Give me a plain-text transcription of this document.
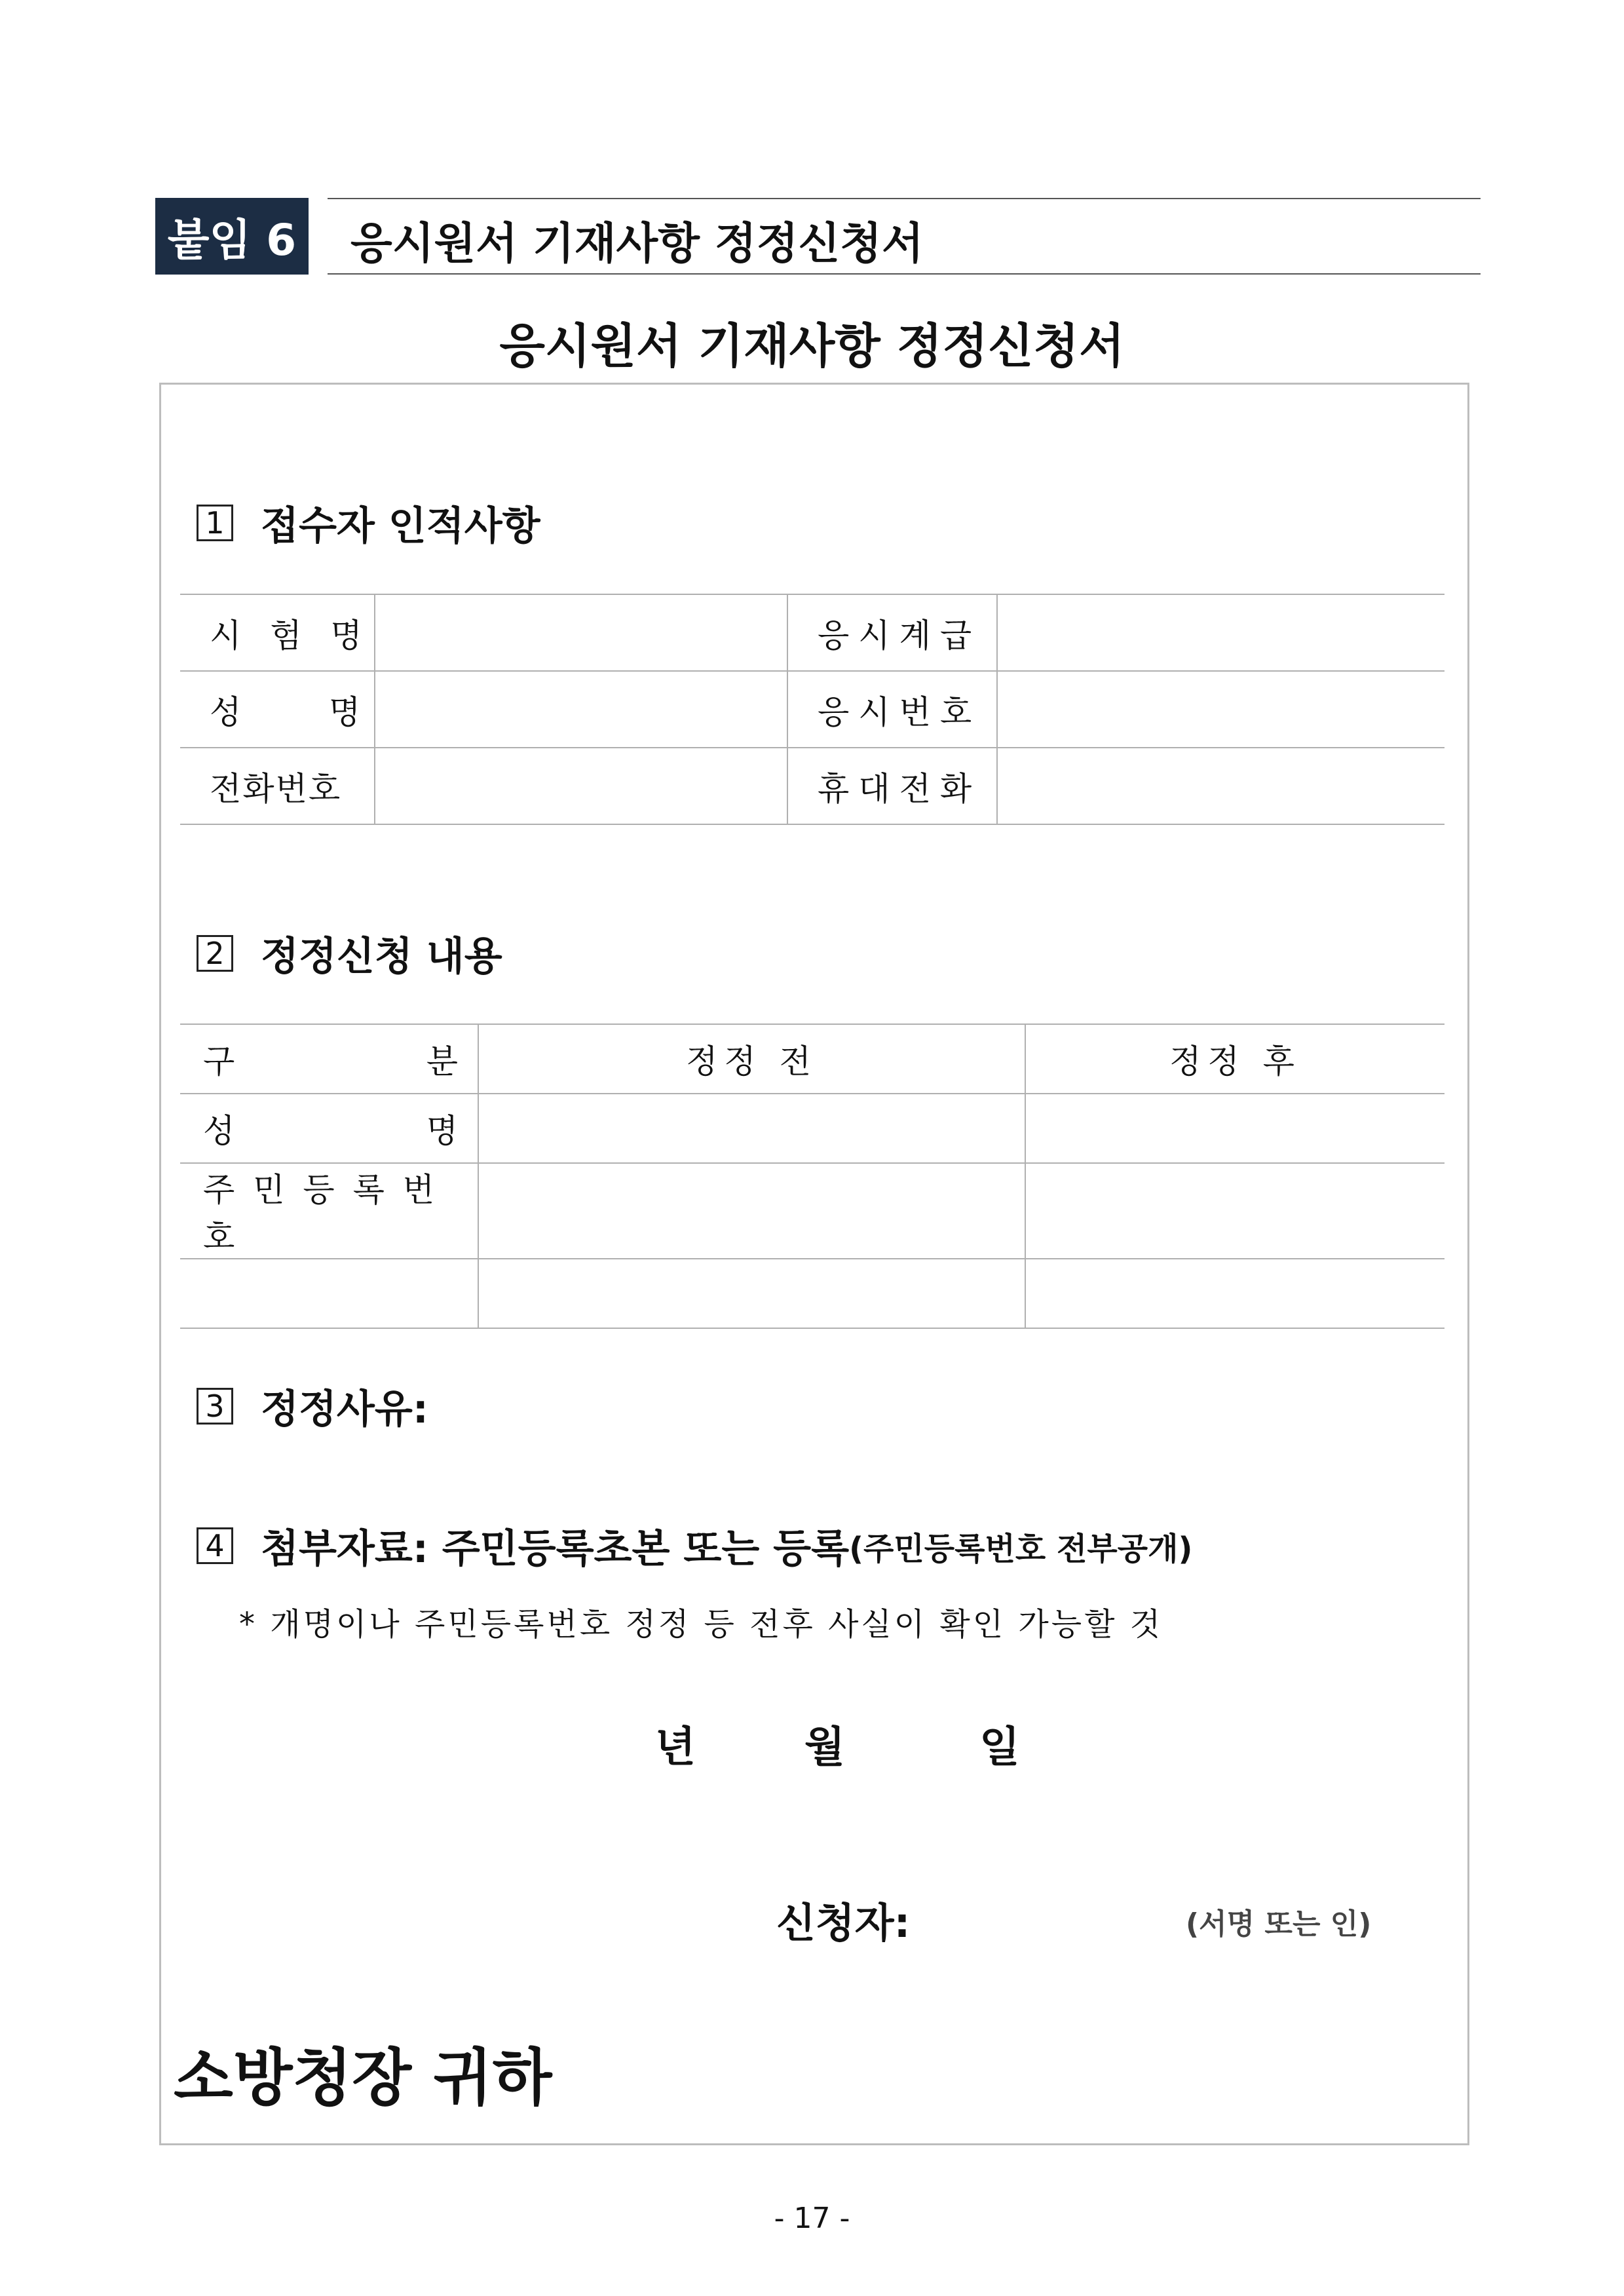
붙임 6 응시원서 기재사항 정정신청서
응시원서 기재사항 정정신청서
1 접수자 인적사항
시 험 명		응시계급	
성    명		응시번호	
전화번호		휴대전화	
2 정정신청 내용
구 분	정정 전	정정 후

성 명		

주 민 등 록 번 호		

3 정정사유:
4 첨부자료: 주민등록초본 또는 등록 (주민등록번호 전부공개)
* 개명이나 주민등록번호 정정 등 전후 사실이 확인 가능할 것
년	월	일
신청자:	(서명 또는 인)
소방청장 귀하
- 17 -
